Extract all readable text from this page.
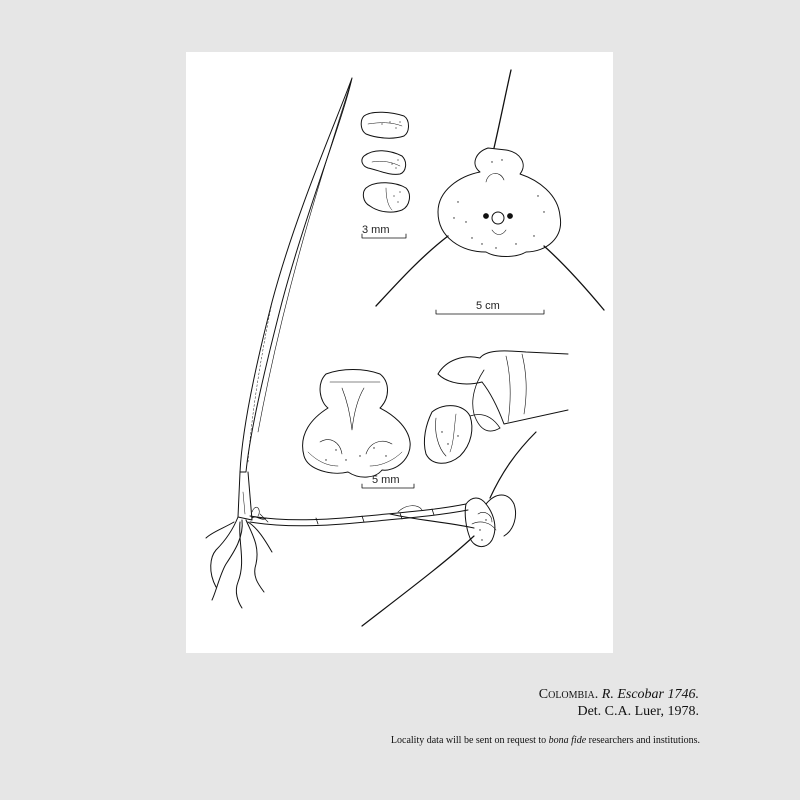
3 mm
5 cm
5 mm
Colombia. R. Escobar 1746.
Det. C.A. Luer, 1978.
Locality data will be sent on request to bona fide researchers and institutions.
